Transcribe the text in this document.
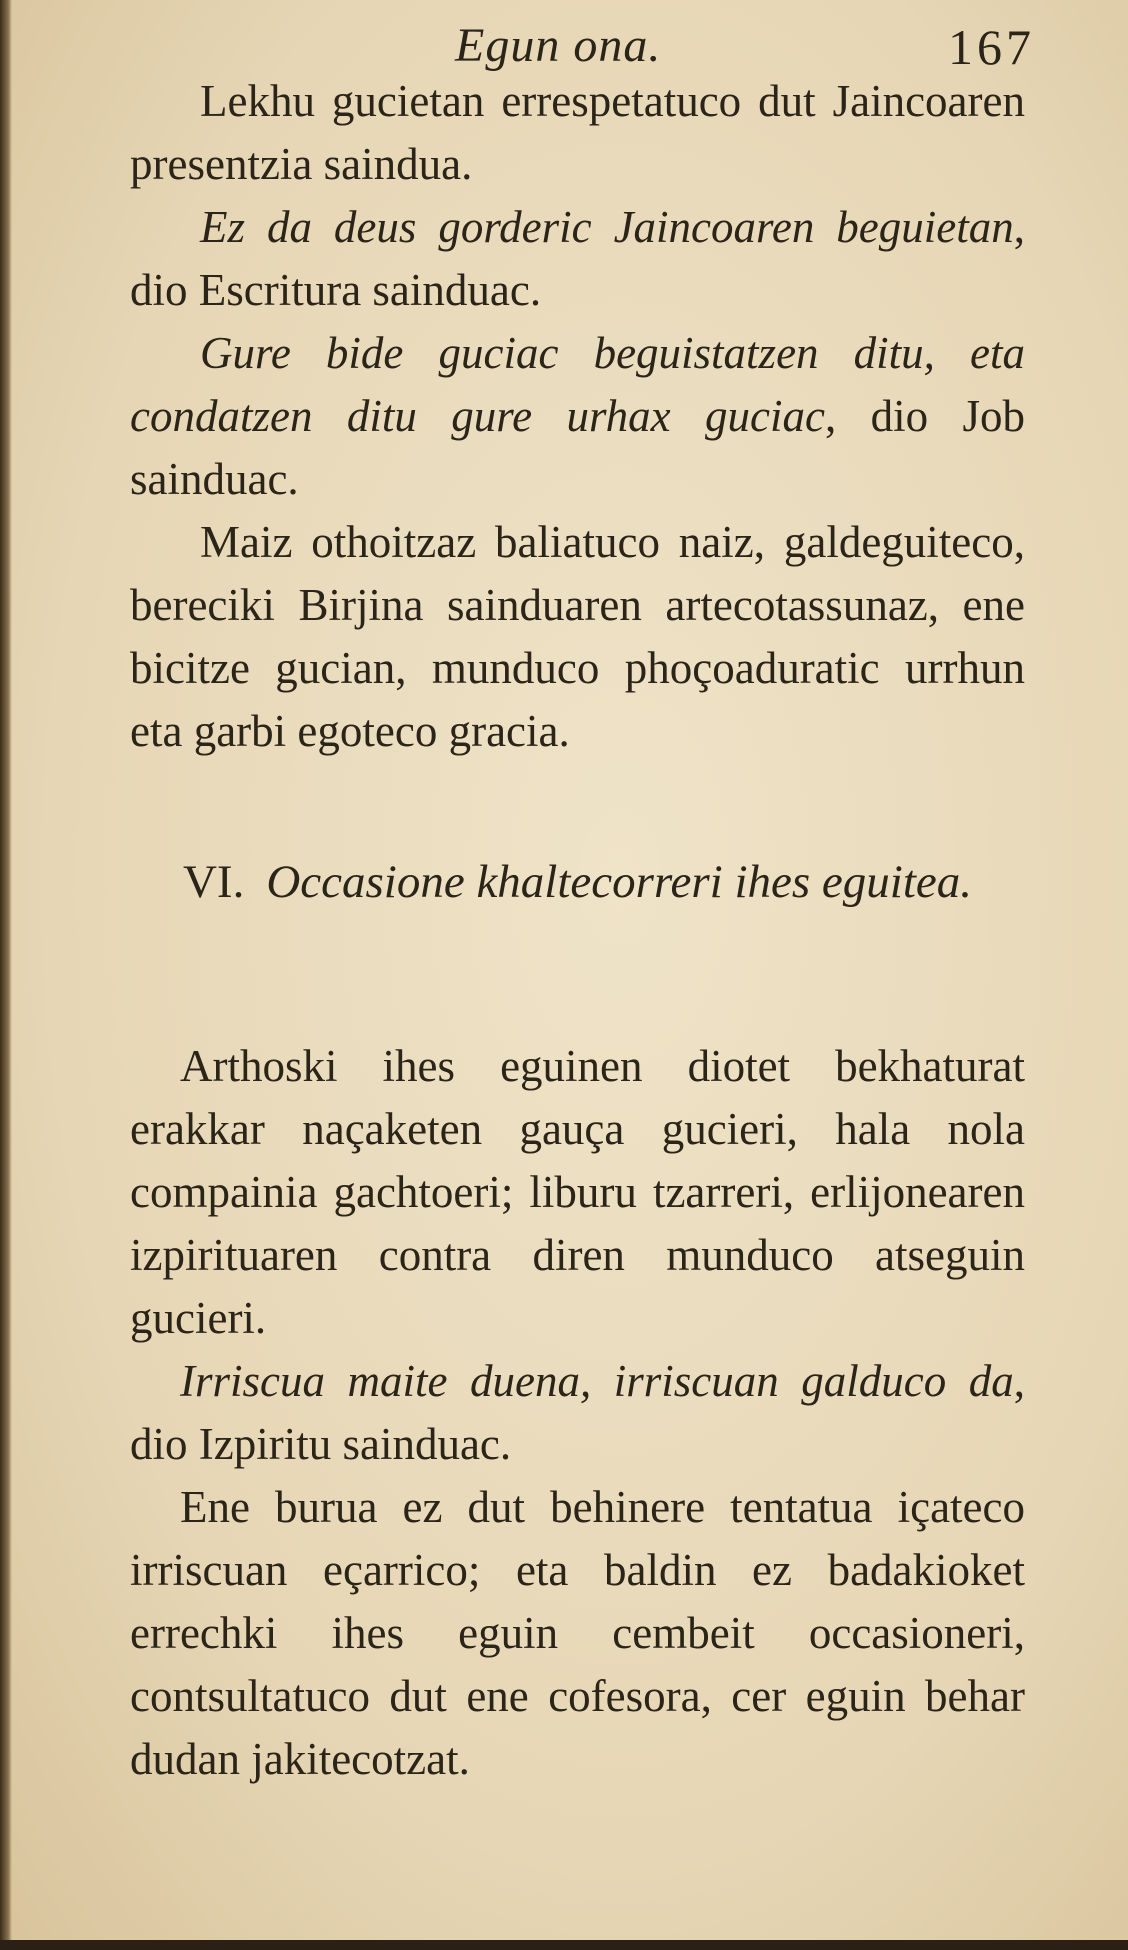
Egun ona.	167

Lekhu gucietan errespetatuco dut Jaincoaren presentzia saindua.

Ez da deus gorderic Jaincoaren beguietan, dio Escritura sainduac.

Gure bide guciac beguistatzen ditu, eta condatzen ditu gure urhax guciac, dio Job sainduac.

Maiz othoitzaz baliatuco naiz, galdeguiteco, bereciki Birjina sainduaren artecotassunaz, ene bicitze gucian, munduco phoçoaduratic urrhun eta garbi egoteco gracia.

VI. Occasione khaltecorreri ihes eguitea.

Arthoski ihes eguinen diotet bekhaturat erakkar naçaketen gauça gucieri, hala nola compainia gachtoeri; liburu tzarreri, erlijonearen izpirituaren contra diren munduco atseguin gucieri.

Irriscua maite duena, irriscuan galduco da, dio Izpiritu sainduac.

Ene burua ez dut behinere tentatua içateco irriscuan eçarrico; eta baldin ez badakioket errechki ihes eguin cembeit occasioneri, contsultatuco dut ene cofesora, cer eguin behar dudan jakitecotzat.
